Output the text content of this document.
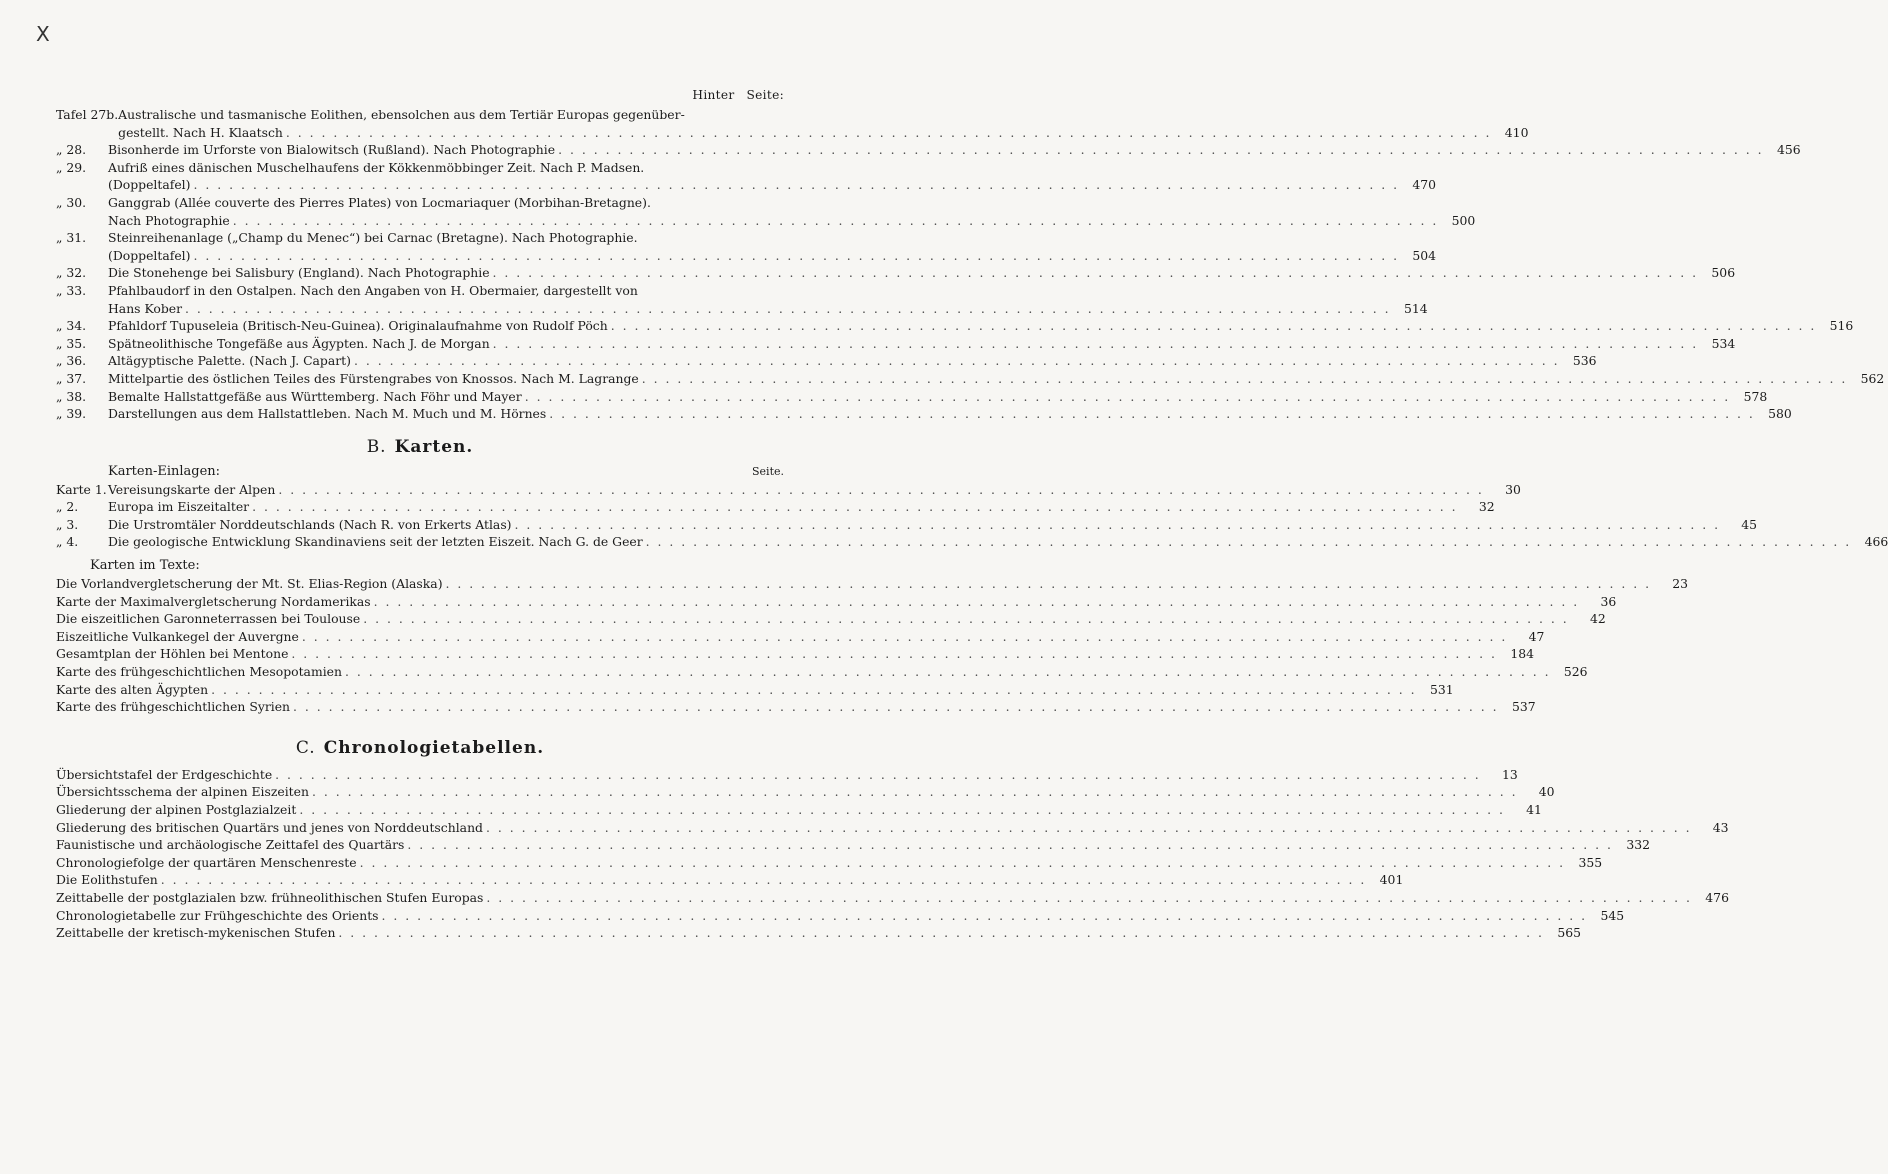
X
Hinter Seite:
Tafel 27b. Australische und tasmanische Eolithen, ebensolchen aus dem Tertiär Europas gegenüber-
gestellt. Nach H. Klaatsch . . .	410
„ 28.	Bisonherde im Urforste von Bialowitsch (Rußland). Nach Photographie . . .	456
„ 29.	Aufriß eines dänischen Muschelhaufens der Kökkenmöbbinger Zeit. Nach P. Madsen.
(Doppeltafel) . . .	470
„ 30.	Ganggrab (Allée couverte des Pierres Plates) von Locmariaquer (Morbihan-Bretagne).
Nach Photographie . . .	500
„ 31.	Steinreihenanlage („Champ du Menec“) bei Carnac (Bretagne). Nach Photographie.
(Doppeltafel) . . .	504
„ 32.	Die Stonehenge bei Salisbury (England). Nach Photographie . . .	506
„ 33.	Pfahlbaudorf in den Ostalpen. Nach den Angaben von H. Obermaier, dargestellt von
Hans Kober . . .	514
„ 34.	Pfahldorf Tupuseleia (Britisch-Neu-Guinea). Originalaufnahme von Rudolf Pöch . . .	516
„ 35.	Spätneolithische Tongefäße aus Ägypten. Nach J. de Morgan . . .	534
„ 36.	Altägyptische Palette. (Nach J. Capart) . . .	536
„ 37.	Mittelpartie des östlichen Teiles des Fürstengrabes von Knossos. Nach M. Lagrange . . .	562
„ 38.	Bemalte Hallstattgefäße aus Württemberg. Nach Föhr und Mayer . . .	578
„ 39.	Darstellungen aus dem Hallstattleben. Nach M. Much und M. Hörnes . . .	580
B. Karten.
Karten-Einlagen:	Seite.
Karte 1. Vereisungskarte der Alpen . . .	30
„ 2.	Europa im Eiszeitalter . . .	32
„ 3.	Die Urstromtäler Norddeutschlands (Nach R. von Erkerts Atlas) . . .	45
„ 4.	Die geologische Entwicklung Skandinaviens seit der letzten Eiszeit. Nach G. de Geer . . .	466
Karten im Texte:
Die Vorlandvergletscherung der Mt. St. Elias-Region (Alaska) . . .	23
Karte der Maximalvergletscherung Nordamerikas . . .	36
Die eiszeitlichen Garonneterrassen bei Toulouse . . .	42
Eiszeitliche Vulkankegel der Auvergne . . .	47
Gesamtplan der Höhlen bei Mentone . . .	184
Karte des frühgeschichtlichen Mesopotamien . . .	526
Karte des alten Ägypten . . .	531
Karte des frühgeschichtlichen Syrien . . .	537
C. Chronologietabellen.
Übersichtstafel der Erdgeschichte . . .	13
Übersichtsschema der alpinen Eiszeiten . . .	40
Gliederung der alpinen Postglazialzeit . . .	41
Gliederung des britischen Quartärs und jenes von Norddeutschland . . .	43
Faunistische und archäologische Zeittafel des Quartärs . . .	332
Chronologiefolge der quartären Menschenreste . . .	355
Die Eolithstufen . . .	401
Zeittabelle der postglazialen bzw. frühneolithischen Stufen Europas . . .	476
Chronologietabelle zur Frühgeschichte des Orients . . .	545
Zeittabelle der kretisch-mykenischen Stufen . . .	565
